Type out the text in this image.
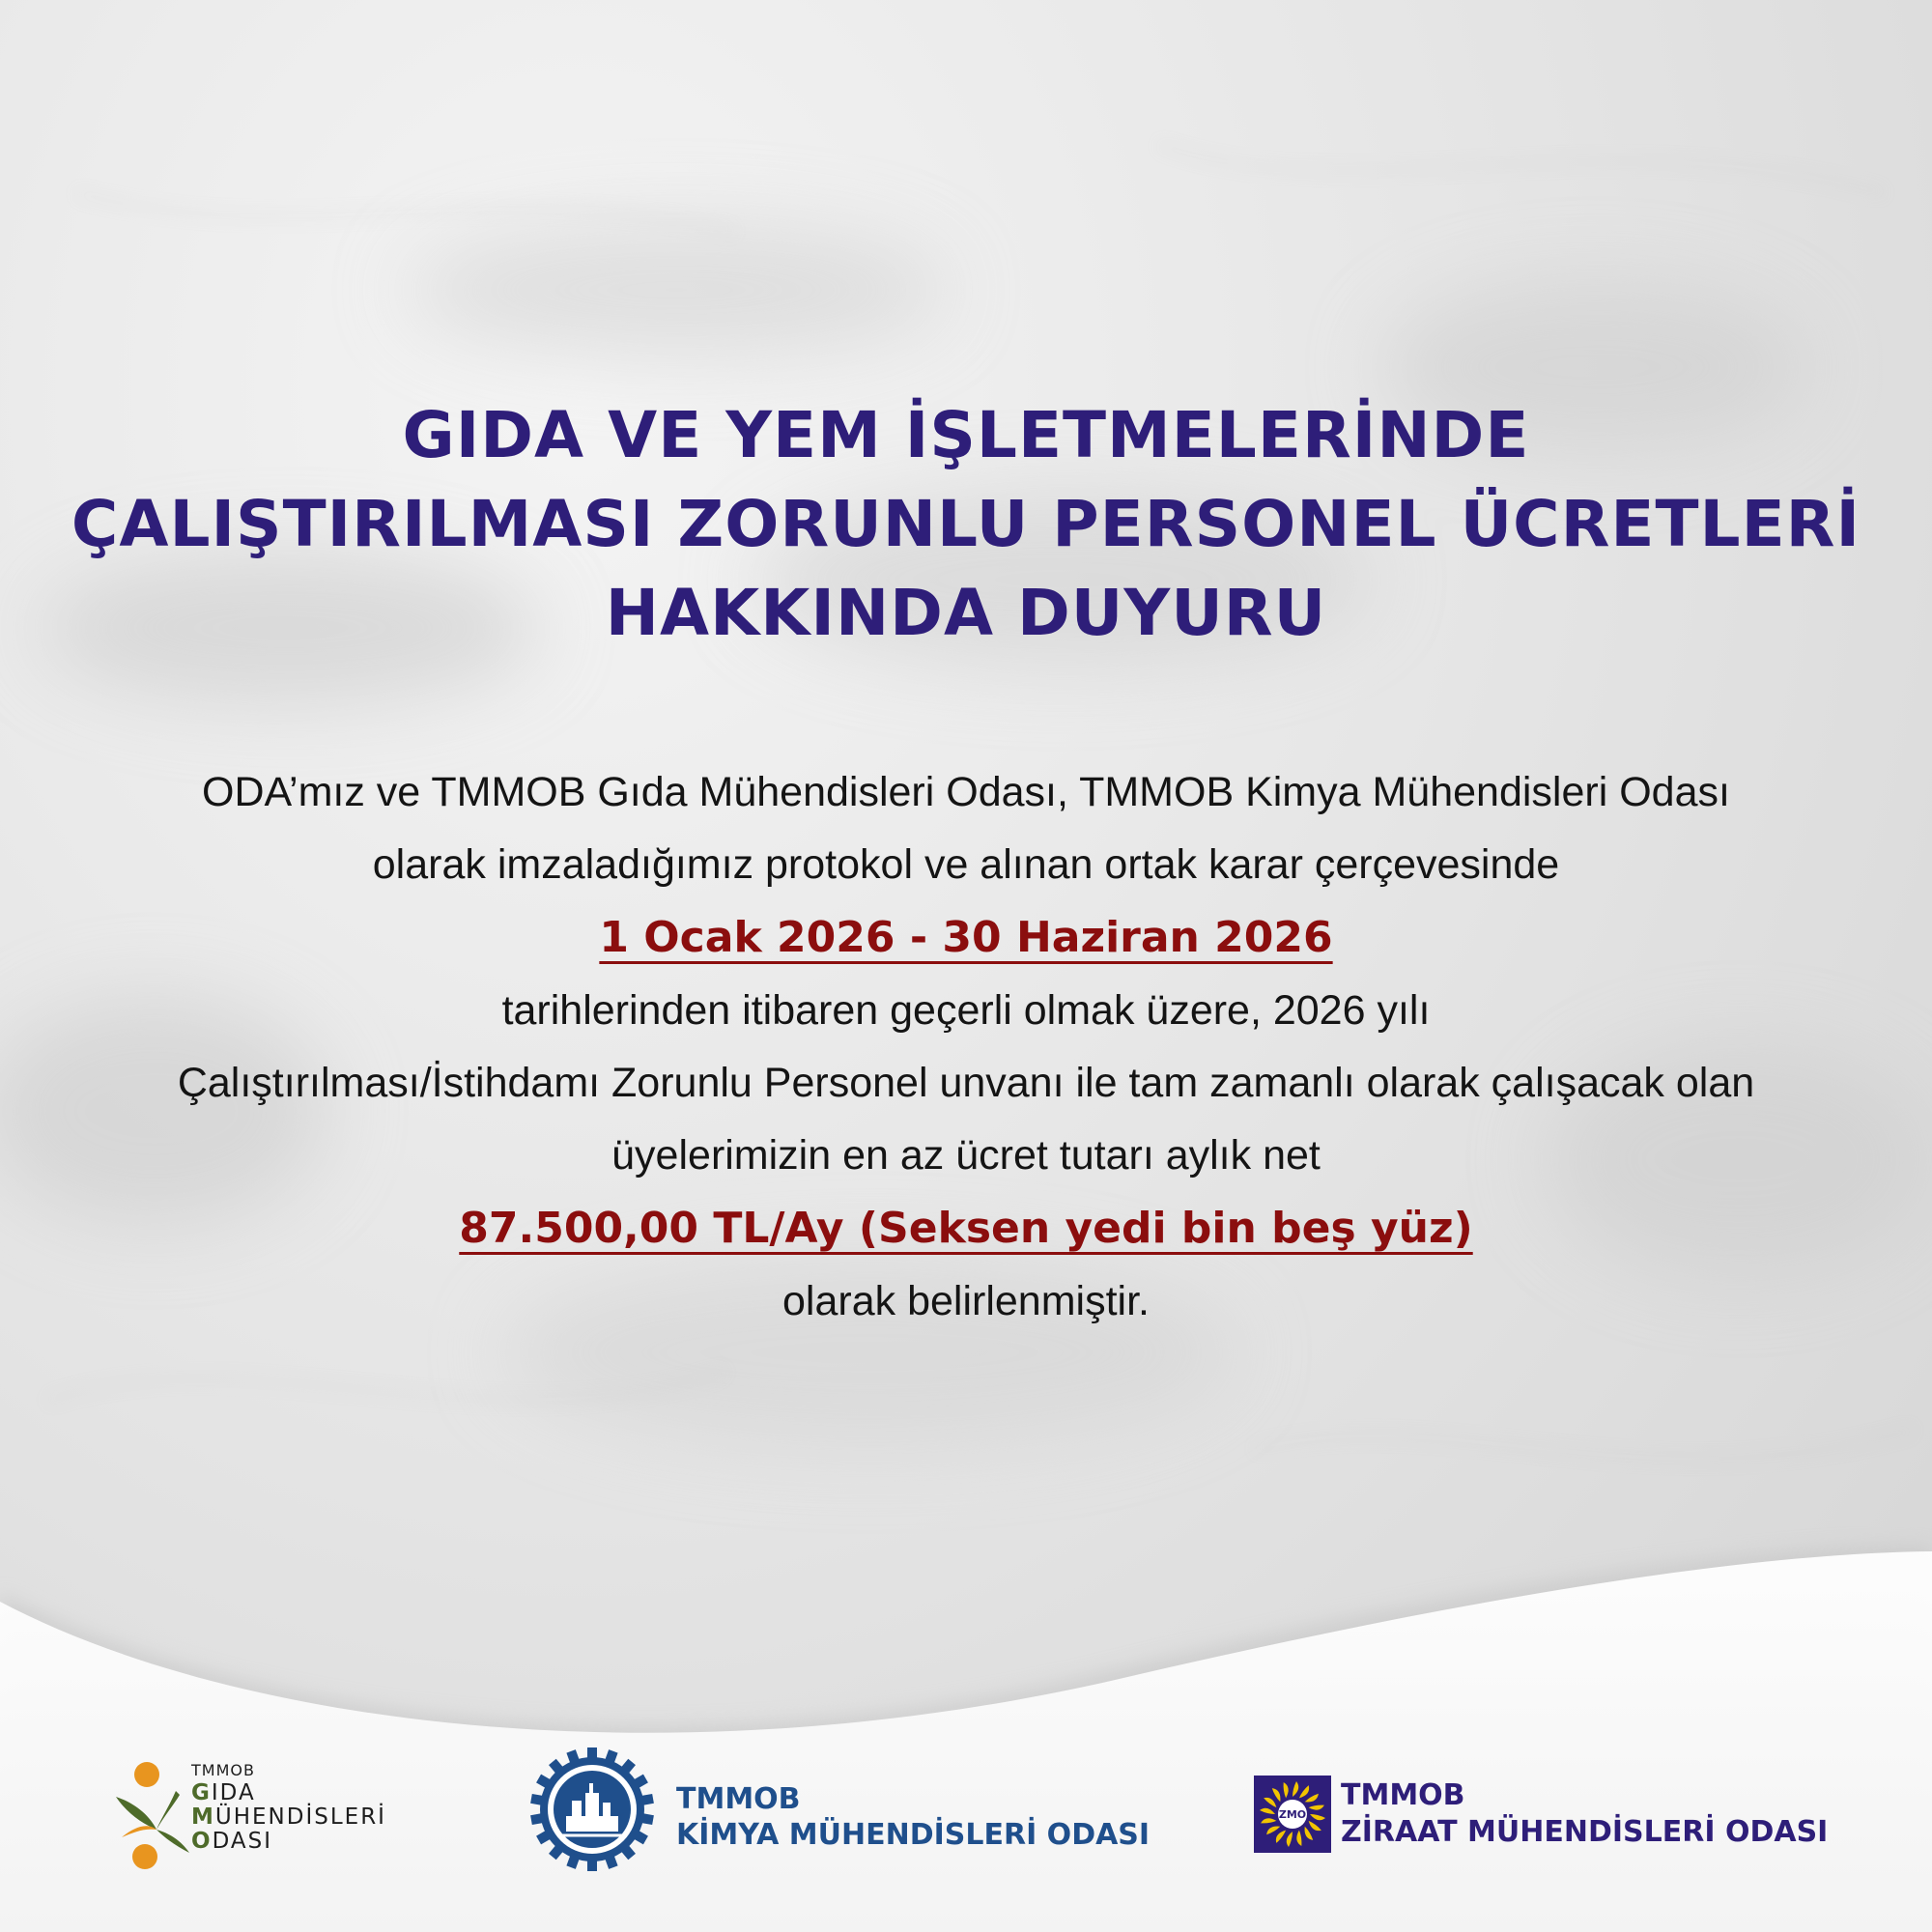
GIDA VE YEM İŞLETMELERİNDE
ÇALIŞTIRILMASI ZORUNLU PERSONEL ÜCRETLERİ
HAKKINDA DUYURU
ODA’mız ve TMMOB Gıda Mühendisleri Odası, TMMOB Kimya Mühendisleri Odası
olarak imzaladığımız protokol ve alınan ortak karar çerçevesinde
1 Ocak 2026 - 30 Haziran 2026
tarihlerinden itibaren geçerli olmak üzere, 2026 yılı
Çalıştırılması/İstihdamı Zorunlu Personel unvanı ile tam zamanlı olarak çalışacak olan
üyelerimizin en az ücret tutarı aylık net
87.500,00 TL/Ay (Seksen yedi bin beş yüz)
olarak belirlenmiştir.
TMMOB
GIDA
MÜHENDİSLERİ
ODASI
TMMOB
KİMYA MÜHENDİSLERİ ODASI
ZMO
TMMOB
ZİRAAT MÜHENDİSLERİ ODASI
